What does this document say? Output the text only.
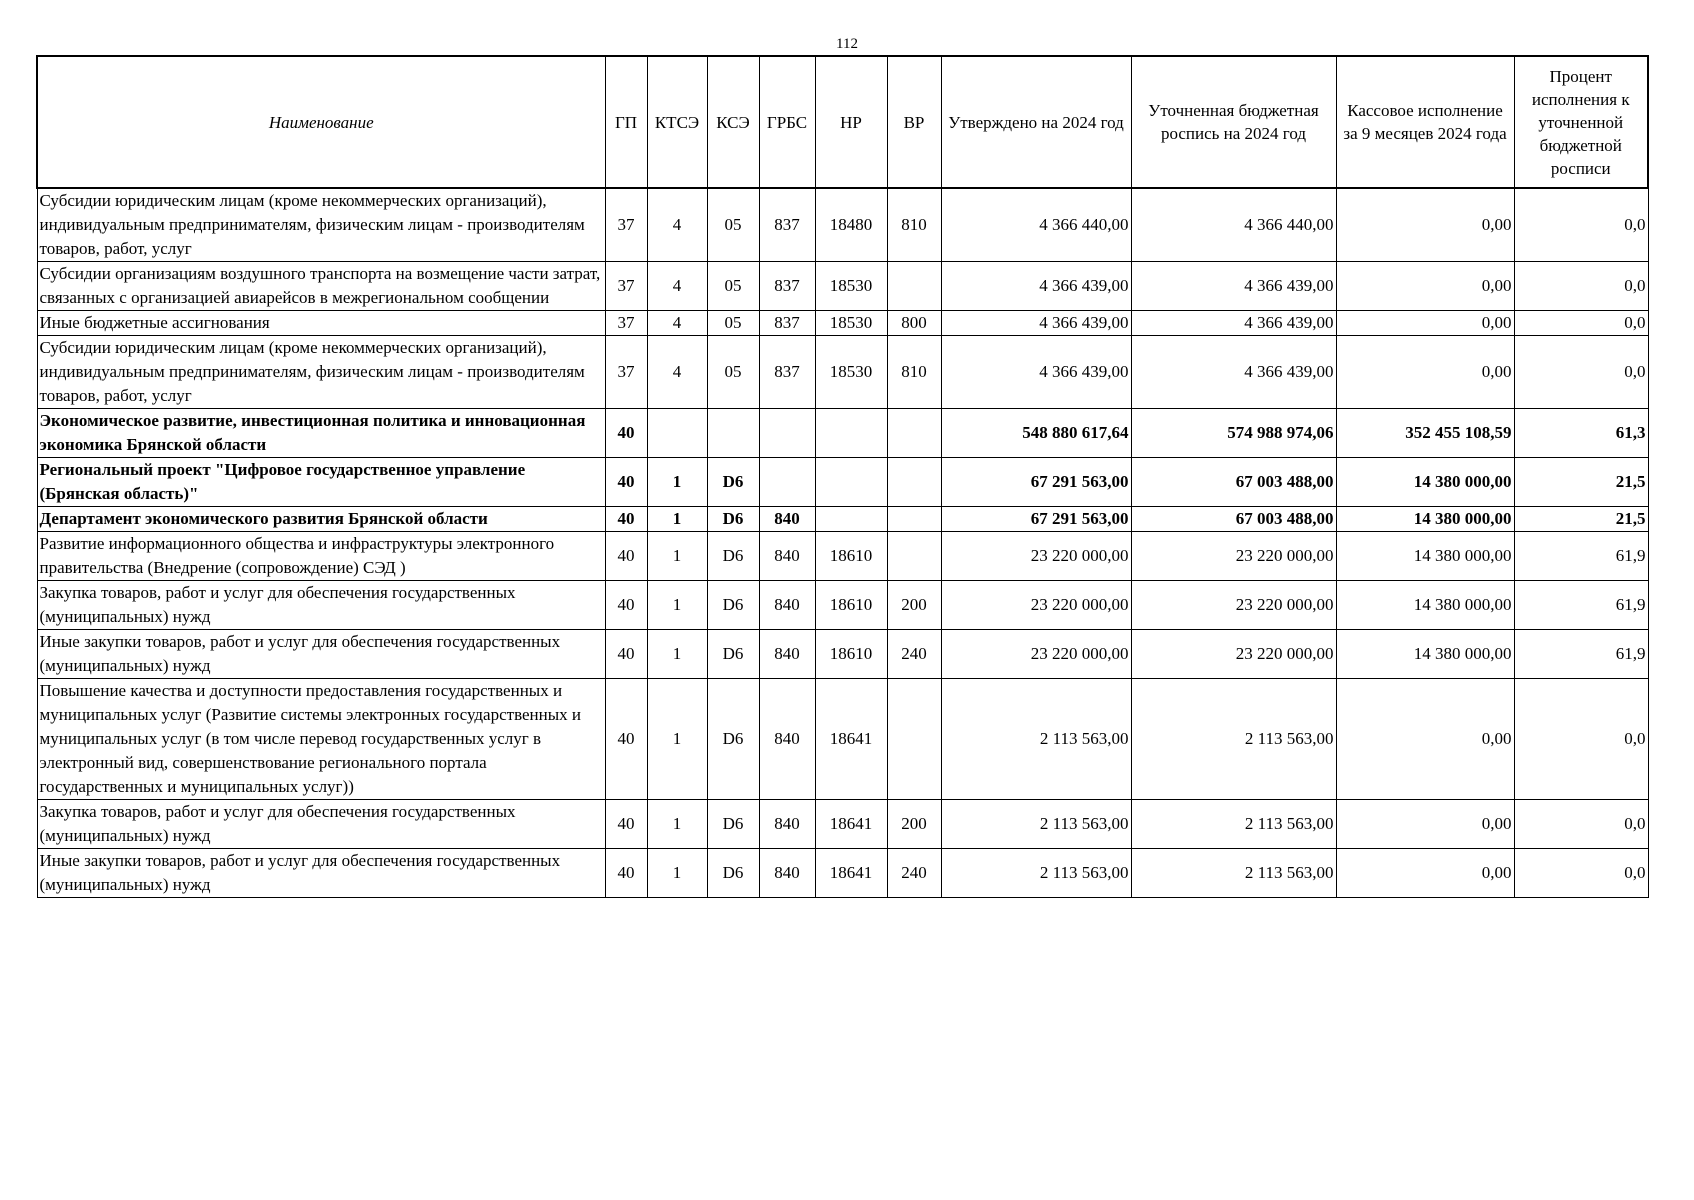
112
Наименование	ГП	КТСЭ	КСЭ	ГРБС	НР	ВР	Утверждено на 2024 год	Уточненная бюджетная роспись на 2024 год	Кассовое исполнение за 9 месяцев 2024 года	Процент исполнения к уточненной бюджетной росписи
Субсидии юридическим лицам (кроме некоммерческих организаций), индивидуальным предпринимателям, физическим лицам - производителям товаров, работ, услуг	37	4	05	837	18480	810	4 366 440,00	4 366 440,00	0,00	0,0
Субсидии организациям воздушного транспорта на возмещение части затрат, связанных с организацией авиарейсов в межрегиональном сообщении	37	4	05	837	18530		4 366 439,00	4 366 439,00	0,00	0,0
Иные бюджетные ассигнования	37	4	05	837	18530	800	4 366 439,00	4 366 439,00	0,00	0,0
Субсидии юридическим лицам (кроме некоммерческих организаций), индивидуальным предпринимателям, физическим лицам - производителям товаров, работ, услуг	37	4	05	837	18530	810	4 366 439,00	4 366 439,00	0,00	0,0
Экономическое развитие, инвестиционная политика и инновационная экономика Брянской области	40						548 880 617,64	574 988 974,06	352 455 108,59	61,3
Региональный проект "Цифровое государственное управление (Брянская область)"	40	1	D6				67 291 563,00	67 003 488,00	14 380 000,00	21,5
Департамент экономического развития Брянской области	40	1	D6	840			67 291 563,00	67 003 488,00	14 380 000,00	21,5
Развитие информационного общества и инфраструктуры электронного правительства (Внедрение (сопровождение) СЭД )	40	1	D6	840	18610		23 220 000,00	23 220 000,00	14 380 000,00	61,9
Закупка товаров, работ и услуг для обеспечения государственных (муниципальных) нужд	40	1	D6	840	18610	200	23 220 000,00	23 220 000,00	14 380 000,00	61,9
Иные закупки товаров, работ и услуг для обеспечения государственных (муниципальных) нужд	40	1	D6	840	18610	240	23 220 000,00	23 220 000,00	14 380 000,00	61,9
Повышение качества и доступности предоставления государственных и муниципальных услуг (Развитие системы электронных государственных и муниципальных услуг (в том числе перевод государственных услуг в электронный вид, совершенствование регионального портала государственных и муниципальных услуг))	40	1	D6	840	18641		2 113 563,00	2 113 563,00	0,00	0,0
Закупка товаров, работ и услуг для обеспечения государственных (муниципальных) нужд	40	1	D6	840	18641	200	2 113 563,00	2 113 563,00	0,00	0,0
Иные закупки товаров, работ и услуг для обеспечения государственных (муниципальных) нужд	40	1	D6	840	18641	240	2 113 563,00	2 113 563,00	0,00	0,0
